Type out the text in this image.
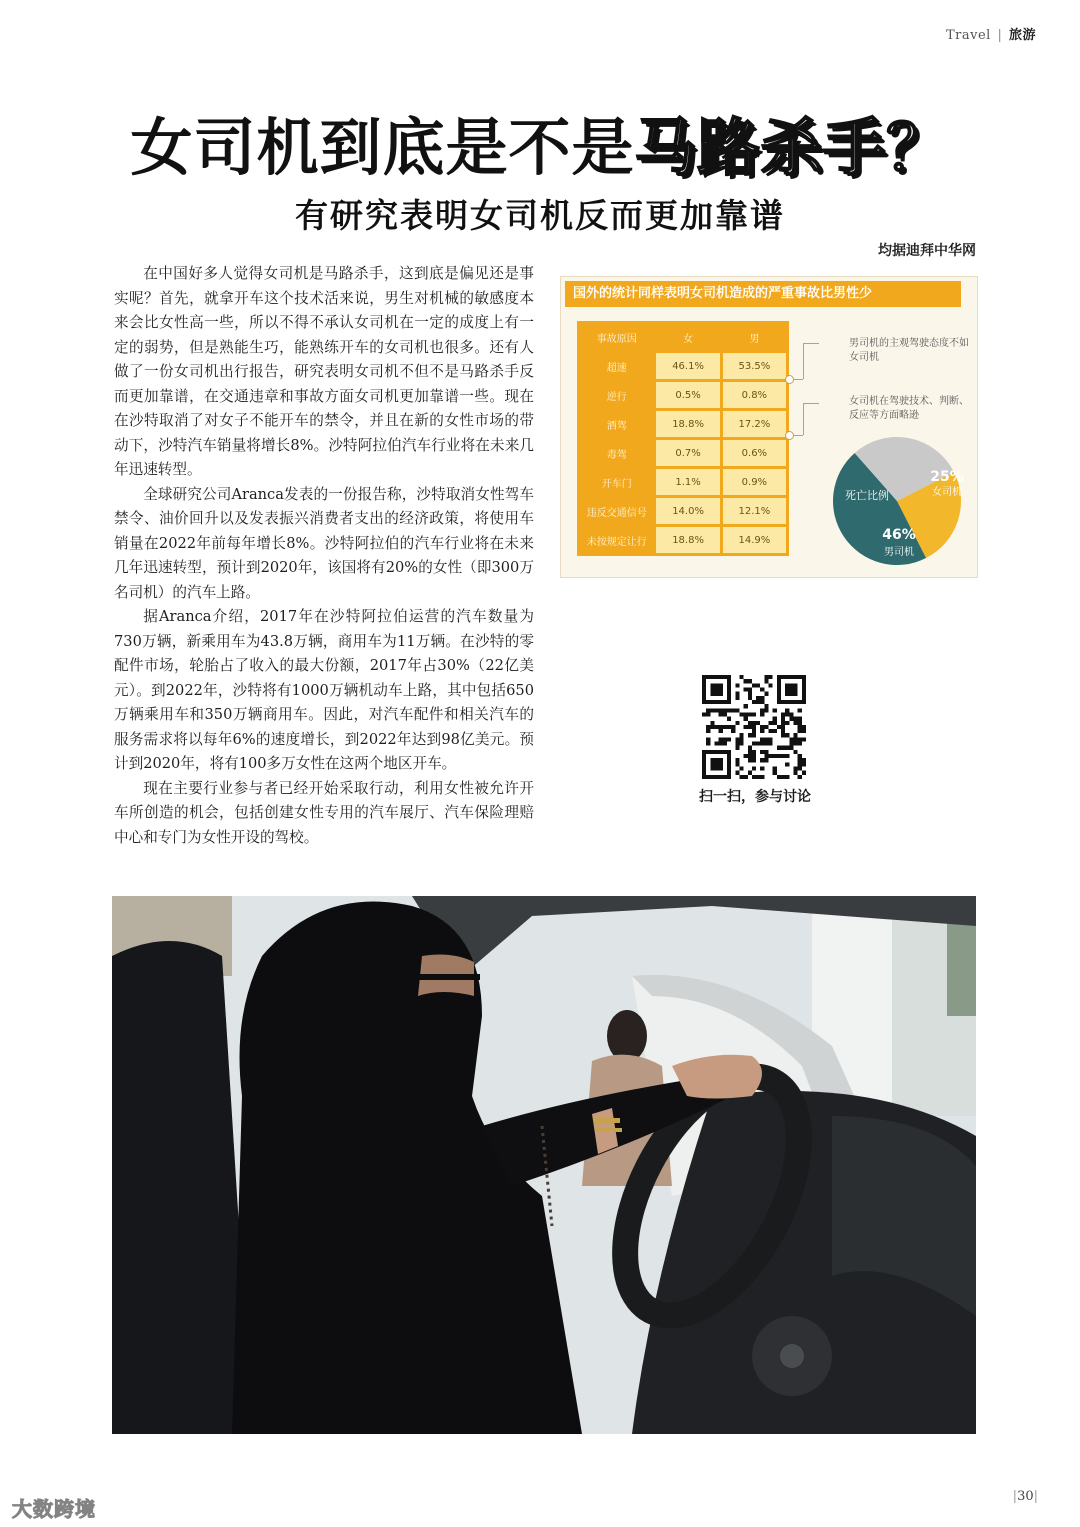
Travel | 旅游
女司机到底是不是马路杀手？
有研究表明女司机反而更加靠谱
均据迪拜中华网

在中国好多人觉得女司机是马路杀手，这到底是偏见还是事实呢？首先，就拿开车这个技术活来说，男生对机械的敏感度本来会比女性高一些，所以不得不承认女司机在一定的成度上有一定的弱势，但是熟能生巧，能熟练开车的女司机也很多。还有人做了一份女司机出行报告，研究表明女司机不但不是马路杀手反而更加靠谱，在交通违章和事故方面女司机更加靠谱一些。现在在沙特取消了对女子不能开车的禁令，并且在新的女性市场的带动下，沙特汽车销量将增长8%。沙特阿拉伯汽车行业将在未来几年迅速转型。

全球研究公司Aranca发表的一份报告称，沙特取消女性驾车禁令、油价回升以及发表振兴消费者支出的经济政策，将使用车销量在2022年前每年增长8%。沙特阿拉伯的汽车行业将在未来几年迅速转型，预计到2020年，该国将有20%的女性（即300万名司机）的汽车上路。

据Aranca介绍，2017年在沙特阿拉伯运营的汽车数量为730万辆，新乘用车为43.8万辆，商用车为11万辆。在沙特的零配件市场，轮胎占了收入的最大份额，2017年占30%（22亿美元）。到2022年，沙特将有1000万辆机动车上路，其中包括650万辆乘用车和350万辆商用车。因此，对汽车配件和相关汽车的服务需求将以每年6%的速度增长，到2022年达到98亿美元。预计到2020年，将有100多万女性在这两个地区开车。

现在主要行业参与者已经开始采取行动，利用女性被允许开车所创造的机会，包括创建女性专用的汽车展厅、汽车保险理赔中心和专门为女性开设的驾校。

国外的统计同样表明女司机造成的严重事故比男性少
事故原因	女	男
超速	46.1%	53.5%
逆行	0.5%	0.8%
酒驾	18.8%	17.2%
毒驾	0.7%	0.6%
开车门	1.1%	0.9%
违反交通信号	14.0%	12.1%
未按规定让行	18.8%	14.9%
男司机的主观驾驶态度不如女司机
女司机在驾驶技术、判断、反应等方面略逊
死亡比例
46%
男司机
25%
女司机
扫一扫，参与讨论
|30|
大数跨境
